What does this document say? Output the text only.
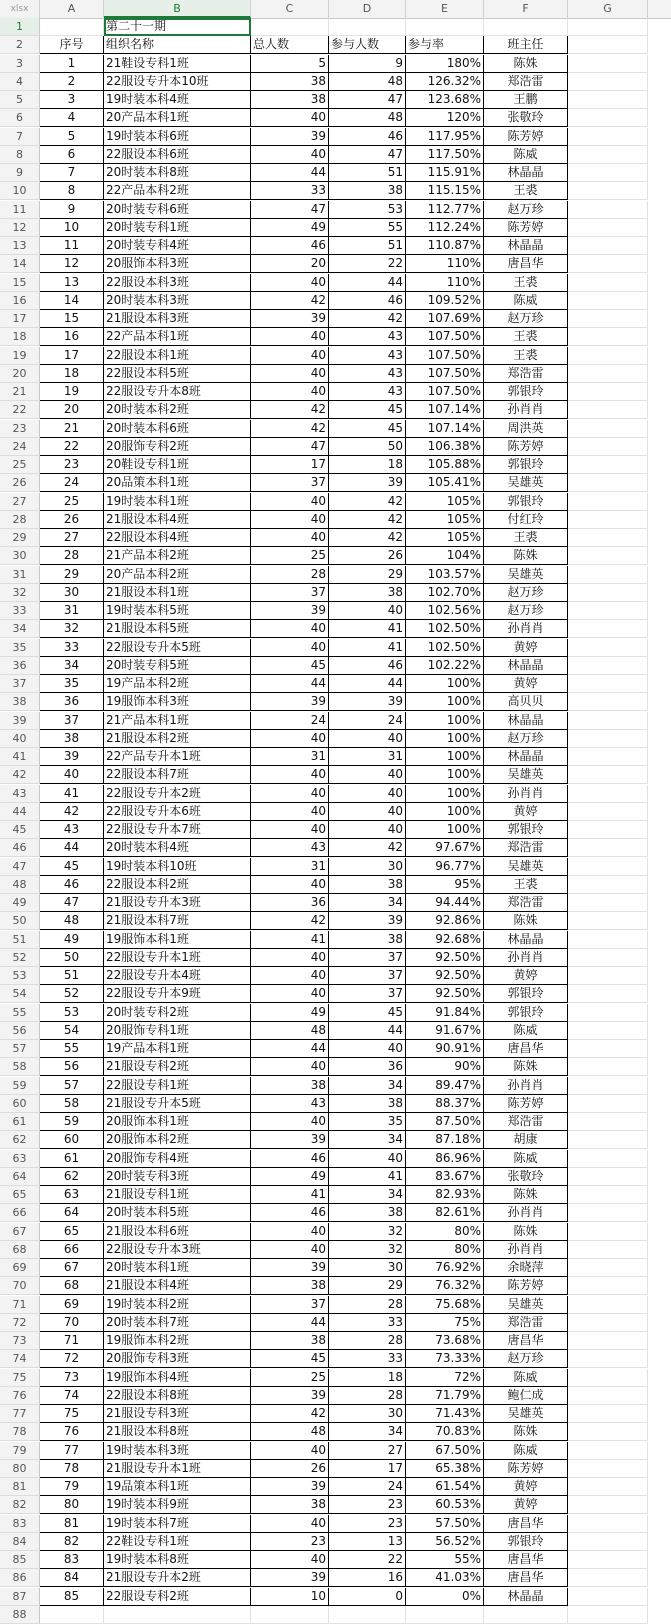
xlsx	A	B	C	D	E	F	G
1	第二十一期
2	序号	组织名称	总人数	参与人数	参与率	班主任
3	1	21鞋设专科1班	5	9	180%	陈姝
4	2	22服设专升本10班	38	48	126.32%	郑浩雷
5	3	19时装本科4班	38	47	123.68%	王鹏
6	4	20产品本科1班	40	48	120%	张敬玲
7	5	19时装本科6班	39	46	117.95%	陈芳婷
8	6	22服设本科6班	40	47	117.50%	陈威
9	7	20时装本科8班	44	51	115.91%	林晶晶
10	8	22产品本科2班	33	38	115.15%	王裘
11	9	20时装专科6班	47	53	112.77%	赵万珍
12	10	20时装专科1班	49	55	112.24%	陈芳婷
13	11	20时装专科4班	46	51	110.87%	林晶晶
14	12	20服饰本科3班	20	22	110%	唐昌华
15	13	22服设本科3班	40	44	110%	王裘
16	14	20时装本科3班	42	46	109.52%	陈威
17	15	21服设本科3班	39	42	107.69%	赵万珍
18	16	22产品本科1班	40	43	107.50%	王裘
19	17	22服设本科1班	40	43	107.50%	王裘
20	18	22服设本科5班	40	43	107.50%	郑浩雷
21	19	22服设专升本8班	40	43	107.50%	郭银玲
22	20	20时装本科2班	42	45	107.14%	孙肖肖
23	21	20时装本科6班	42	45	107.14%	周洪英
24	22	20服饰专科2班	47	50	106.38%	陈芳婷
25	23	20鞋设专科1班	17	18	105.88%	郭银玲
26	24	20品策本科1班	37	39	105.41%	吴雄英
27	25	19时装本科1班	40	42	105%	郭银玲
28	26	21服设本科4班	40	42	105%	付红玲
29	27	22服设本科4班	40	42	105%	王裘
30	28	21产品本科2班	25	26	104%	陈姝
31	29	20产品本科2班	28	29	103.57%	吴雄英
32	30	21服设本科1班	37	38	102.70%	赵万珍
33	31	19时装本科5班	39	40	102.56%	赵万珍
34	32	21服设本科5班	40	41	102.50%	孙肖肖
35	33	22服设专升本5班	40	41	102.50%	黄婷
36	34	20时装专科5班	45	46	102.22%	林晶晶
37	35	19产品本科2班	44	44	100%	黄婷
38	36	19服饰本科3班	39	39	100%	高贝贝
39	37	21产品本科1班	24	24	100%	林晶晶
40	38	21服设本科2班	40	40	100%	赵万珍
41	39	22产品专升本1班	31	31	100%	林晶晶
42	40	22服设本科7班	40	40	100%	吴雄英
43	41	22服设专升本2班	40	40	100%	孙肖肖
44	42	22服设专升本6班	40	40	100%	黄婷
45	43	22服设专升本7班	40	40	100%	郭银玲
46	44	20时装本科4班	43	42	97.67%	郑浩雷
47	45	19时装本科10班	31	30	96.77%	吴雄英
48	46	22服设本科2班	40	38	95%	王裘
49	47	21服设专升本3班	36	34	94.44%	郑浩雷
50	48	21服设本科7班	42	39	92.86%	陈姝
51	49	19服饰本科1班	41	38	92.68%	林晶晶
52	50	22服设专升本1班	40	37	92.50%	孙肖肖
53	51	22服设专升本4班	40	37	92.50%	黄婷
54	52	22服设专升本9班	40	37	92.50%	郭银玲
55	53	20时装专科2班	49	45	91.84%	郭银玲
56	54	20服饰专科1班	48	44	91.67%	陈威
57	55	19产品本科1班	44	40	90.91%	唐昌华
58	56	21服设专科2班	40	36	90%	陈姝
59	57	22服设专科1班	38	34	89.47%	孙肖肖
60	58	21服设专升本5班	43	38	88.37%	陈芳婷
61	59	20服饰本科1班	40	35	87.50%	郑浩雷
62	60	20服饰本科2班	39	34	87.18%	胡康
63	61	20服饰专科4班	46	40	86.96%	陈威
64	62	20时装专科3班	49	41	83.67%	张敬玲
65	63	21服设专科1班	41	34	82.93%	陈姝
66	64	20时装本科5班	46	38	82.61%	孙肖肖
67	65	21服设本科6班	40	32	80%	陈姝
68	66	22服设专升本3班	40	32	80%	孙肖肖
69	67	20时装本科1班	39	30	76.92%	余晓萍
70	68	21服设本科4班	38	29	76.32%	陈芳婷
71	69	19时装本科2班	37	28	75.68%	吴雄英
72	70	20时装本科7班	44	33	75%	郑浩雷
73	71	19服饰本科2班	38	28	73.68%	唐昌华
74	72	20服饰专科3班	45	33	73.33%	赵万珍
75	73	19服饰本科4班	25	18	72%	陈威
76	74	22服设本科8班	39	28	71.79%	鲍仁成
77	75	21服设专科3班	42	30	71.43%	吴雄英
78	76	21服设本科8班	48	34	70.83%	陈姝
79	77	19时装本科3班	40	27	67.50%	陈威
80	78	21服设专升本1班	26	17	65.38%	陈芳婷
81	79	19品策本科1班	39	24	61.54%	黄婷
82	80	19时装本科9班	38	23	60.53%	黄婷
83	81	19时装本科7班	40	23	57.50%	唐昌华
84	82	22鞋设专科1班	23	13	56.52%	郭银玲
85	83	19时装本科8班	40	22	55%	唐昌华
86	84	21服设专升本2班	39	16	41.03%	唐昌华
87	85	22服设专科2班	10	0	0%	林晶晶
88
